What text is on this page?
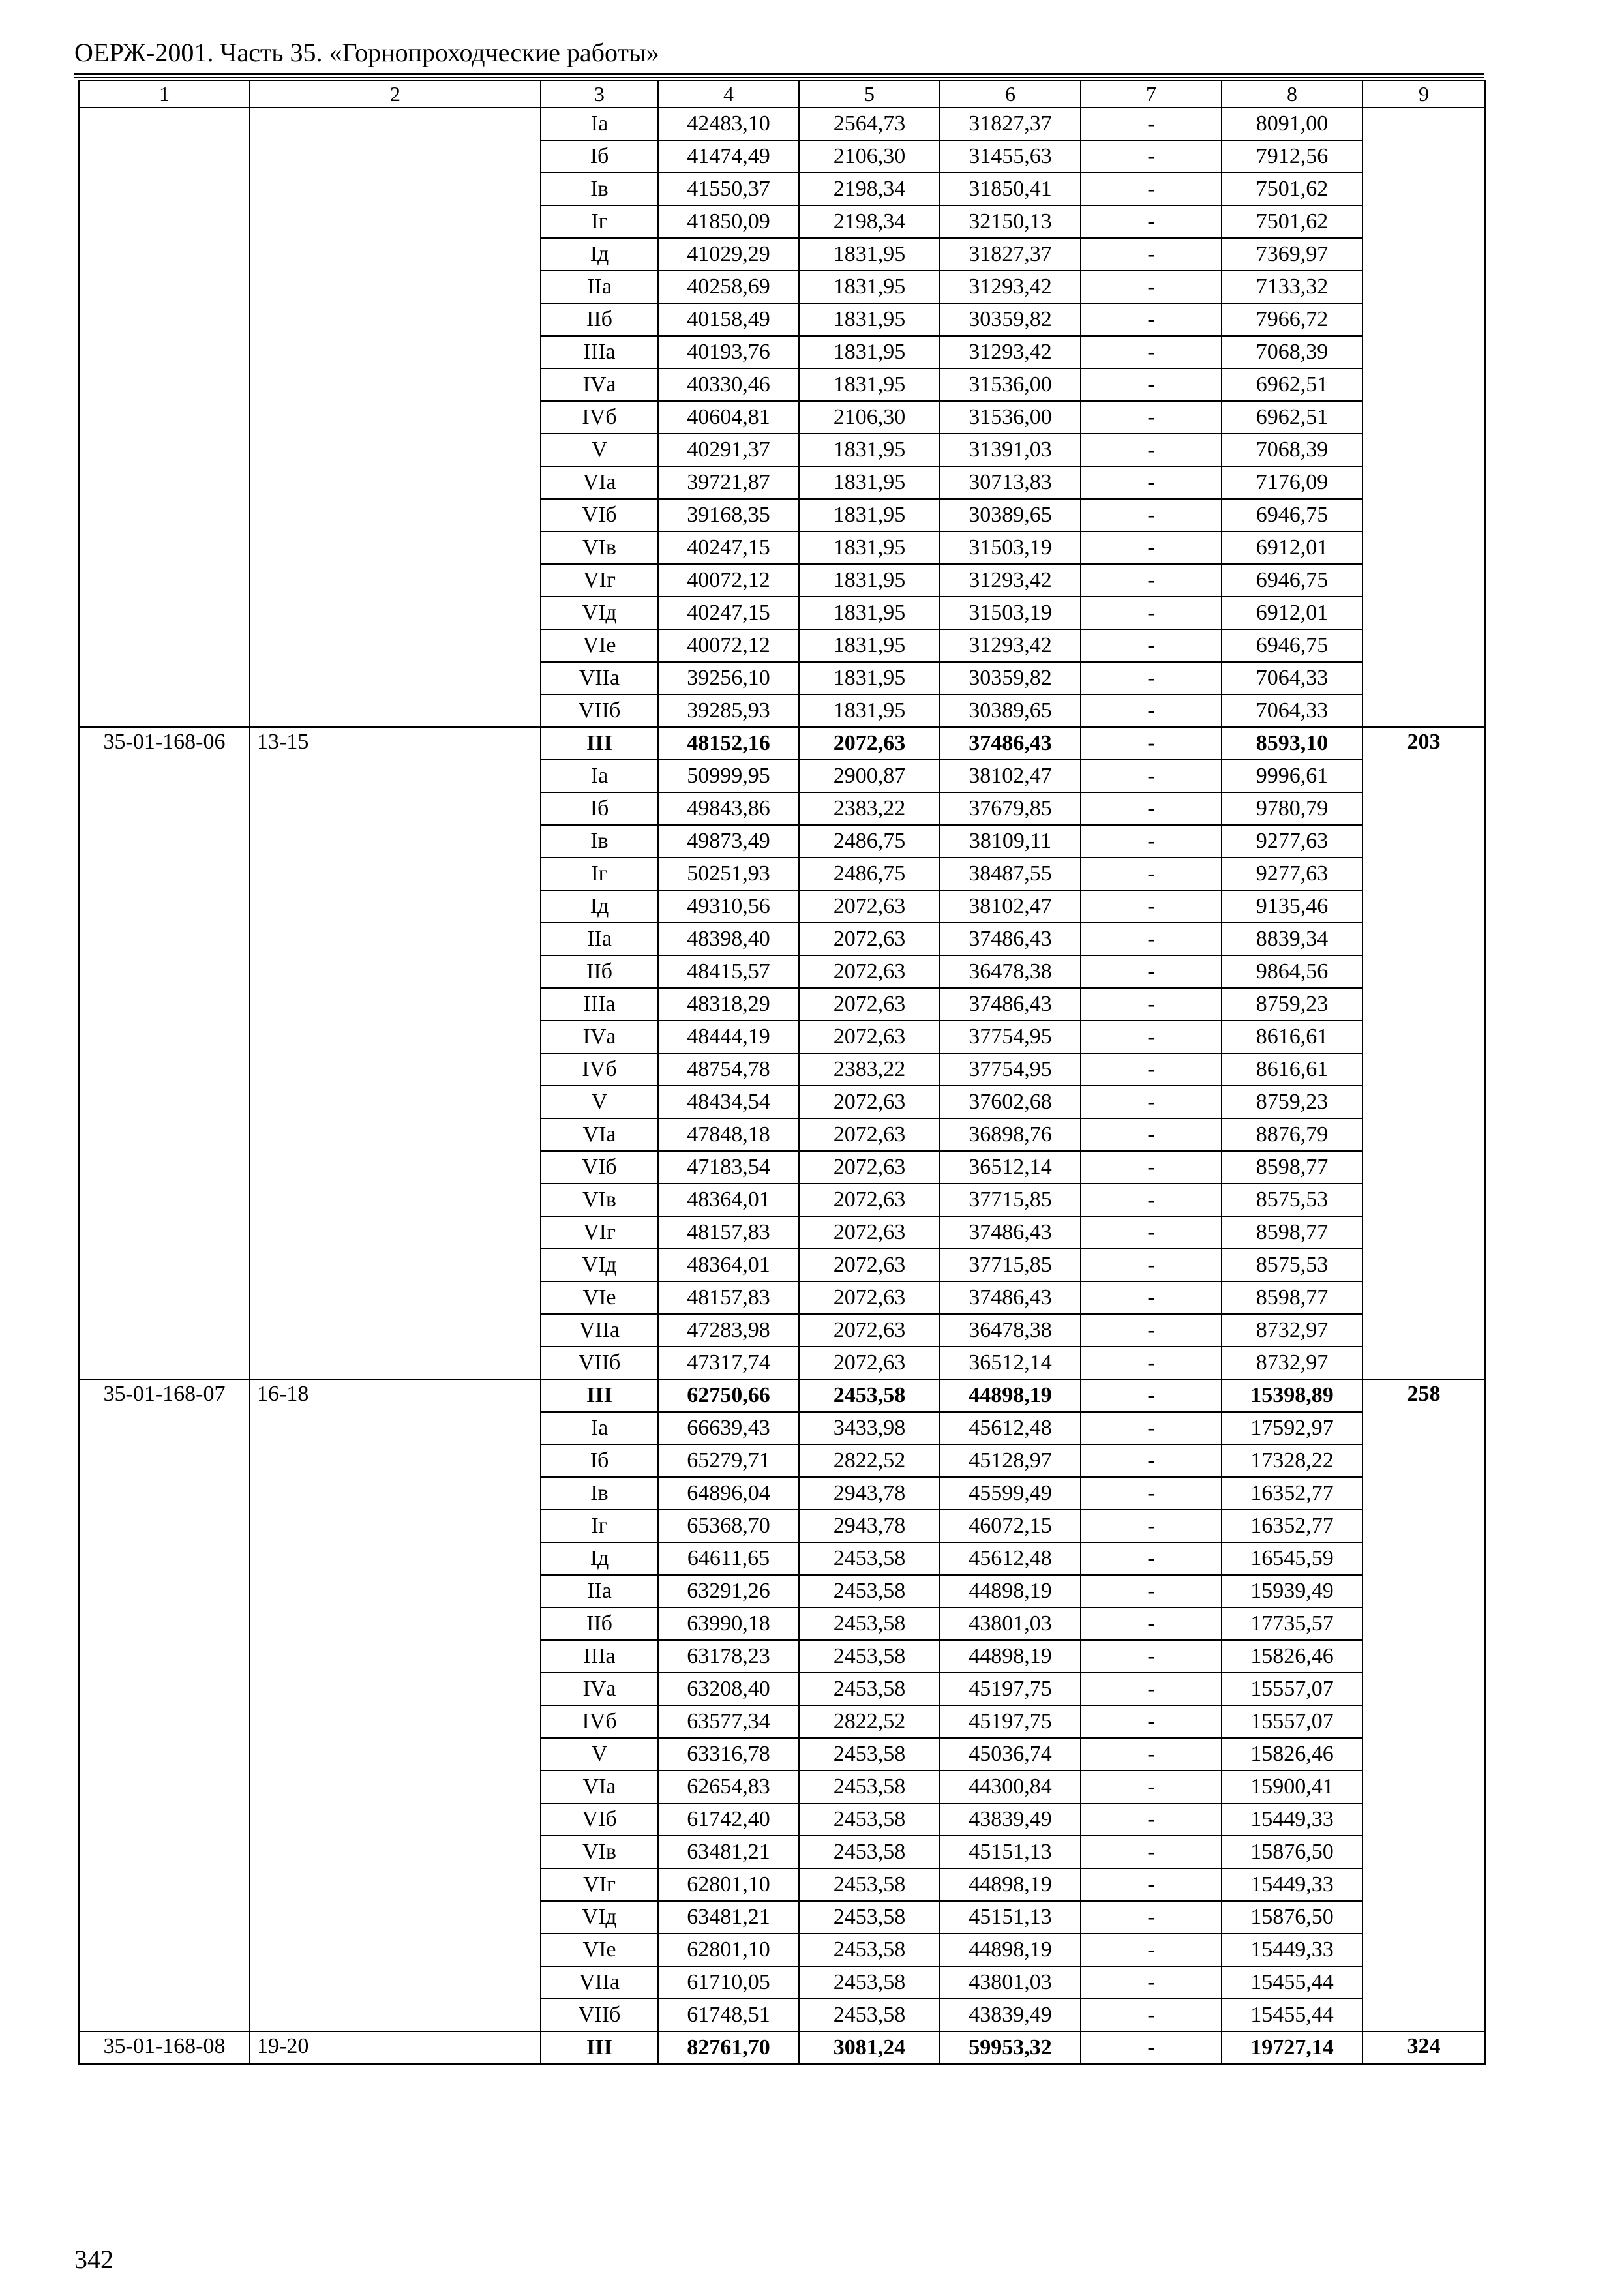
ОЕРЖ-2001. Часть 35. «Горнопроходческие работы»
1	2	3	4	5	6	7	8	9
		Iа	42483,10	2564,73	31827,37	-	8091,00	
		Iб	41474,49	2106,30	31455,63	-	7912,56	
		Iв	41550,37	2198,34	31850,41	-	7501,62	
		Iг	41850,09	2198,34	32150,13	-	7501,62	
		Iд	41029,29	1831,95	31827,37	-	7369,97	
		IIа	40258,69	1831,95	31293,42	-	7133,32	
		IIб	40158,49	1831,95	30359,82	-	7966,72	
		IIIа	40193,76	1831,95	31293,42	-	7068,39	
		IVа	40330,46	1831,95	31536,00	-	6962,51	
		IVб	40604,81	2106,30	31536,00	-	6962,51	
		V	40291,37	1831,95	31391,03	-	7068,39	
		VIа	39721,87	1831,95	30713,83	-	7176,09	
		VIб	39168,35	1831,95	30389,65	-	6946,75	
		VIв	40247,15	1831,95	31503,19	-	6912,01	
		VIг	40072,12	1831,95	31293,42	-	6946,75	
		VIд	40247,15	1831,95	31503,19	-	6912,01	
		VIе	40072,12	1831,95	31293,42	-	6946,75	
		VIIа	39256,10	1831,95	30359,82	-	7064,33	
		VIIб	39285,93	1831,95	30389,65	-	7064,33	
35-01-168-06	13-15	III	48152,16	2072,63	37486,43	-	8593,10	203
		Iа	50999,95	2900,87	38102,47	-	9996,61	
		Iб	49843,86	2383,22	37679,85	-	9780,79	
		Iв	49873,49	2486,75	38109,11	-	9277,63	
		Iг	50251,93	2486,75	38487,55	-	9277,63	
		Iд	49310,56	2072,63	38102,47	-	9135,46	
		IIа	48398,40	2072,63	37486,43	-	8839,34	
		IIб	48415,57	2072,63	36478,38	-	9864,56	
		IIIа	48318,29	2072,63	37486,43	-	8759,23	
		IVа	48444,19	2072,63	37754,95	-	8616,61	
		IVб	48754,78	2383,22	37754,95	-	8616,61	
		V	48434,54	2072,63	37602,68	-	8759,23	
		VIа	47848,18	2072,63	36898,76	-	8876,79	
		VIб	47183,54	2072,63	36512,14	-	8598,77	
		VIв	48364,01	2072,63	37715,85	-	8575,53	
		VIг	48157,83	2072,63	37486,43	-	8598,77	
		VIд	48364,01	2072,63	37715,85	-	8575,53	
		VIе	48157,83	2072,63	37486,43	-	8598,77	
		VIIа	47283,98	2072,63	36478,38	-	8732,97	
		VIIб	47317,74	2072,63	36512,14	-	8732,97	
35-01-168-07	16-18	III	62750,66	2453,58	44898,19	-	15398,89	258
		Iа	66639,43	3433,98	45612,48	-	17592,97	
		Iб	65279,71	2822,52	45128,97	-	17328,22	
		Iв	64896,04	2943,78	45599,49	-	16352,77	
		Iг	65368,70	2943,78	46072,15	-	16352,77	
		Iд	64611,65	2453,58	45612,48	-	16545,59	
		IIа	63291,26	2453,58	44898,19	-	15939,49	
		IIб	63990,18	2453,58	43801,03	-	17735,57	
		IIIа	63178,23	2453,58	44898,19	-	15826,46	
		IVа	63208,40	2453,58	45197,75	-	15557,07	
		IVб	63577,34	2822,52	45197,75	-	15557,07	
		V	63316,78	2453,58	45036,74	-	15826,46	
		VIа	62654,83	2453,58	44300,84	-	15900,41	
		VIб	61742,40	2453,58	43839,49	-	15449,33	
		VIв	63481,21	2453,58	45151,13	-	15876,50	
		VIг	62801,10	2453,58	44898,19	-	15449,33	
		VIд	63481,21	2453,58	45151,13	-	15876,50	
		VIе	62801,10	2453,58	44898,19	-	15449,33	
		VIIа	61710,05	2453,58	43801,03	-	15455,44	
		VIIб	61748,51	2453,58	43839,49	-	15455,44	
35-01-168-08	19-20	III	82761,70	3081,24	59953,32	-	19727,14	324
342
